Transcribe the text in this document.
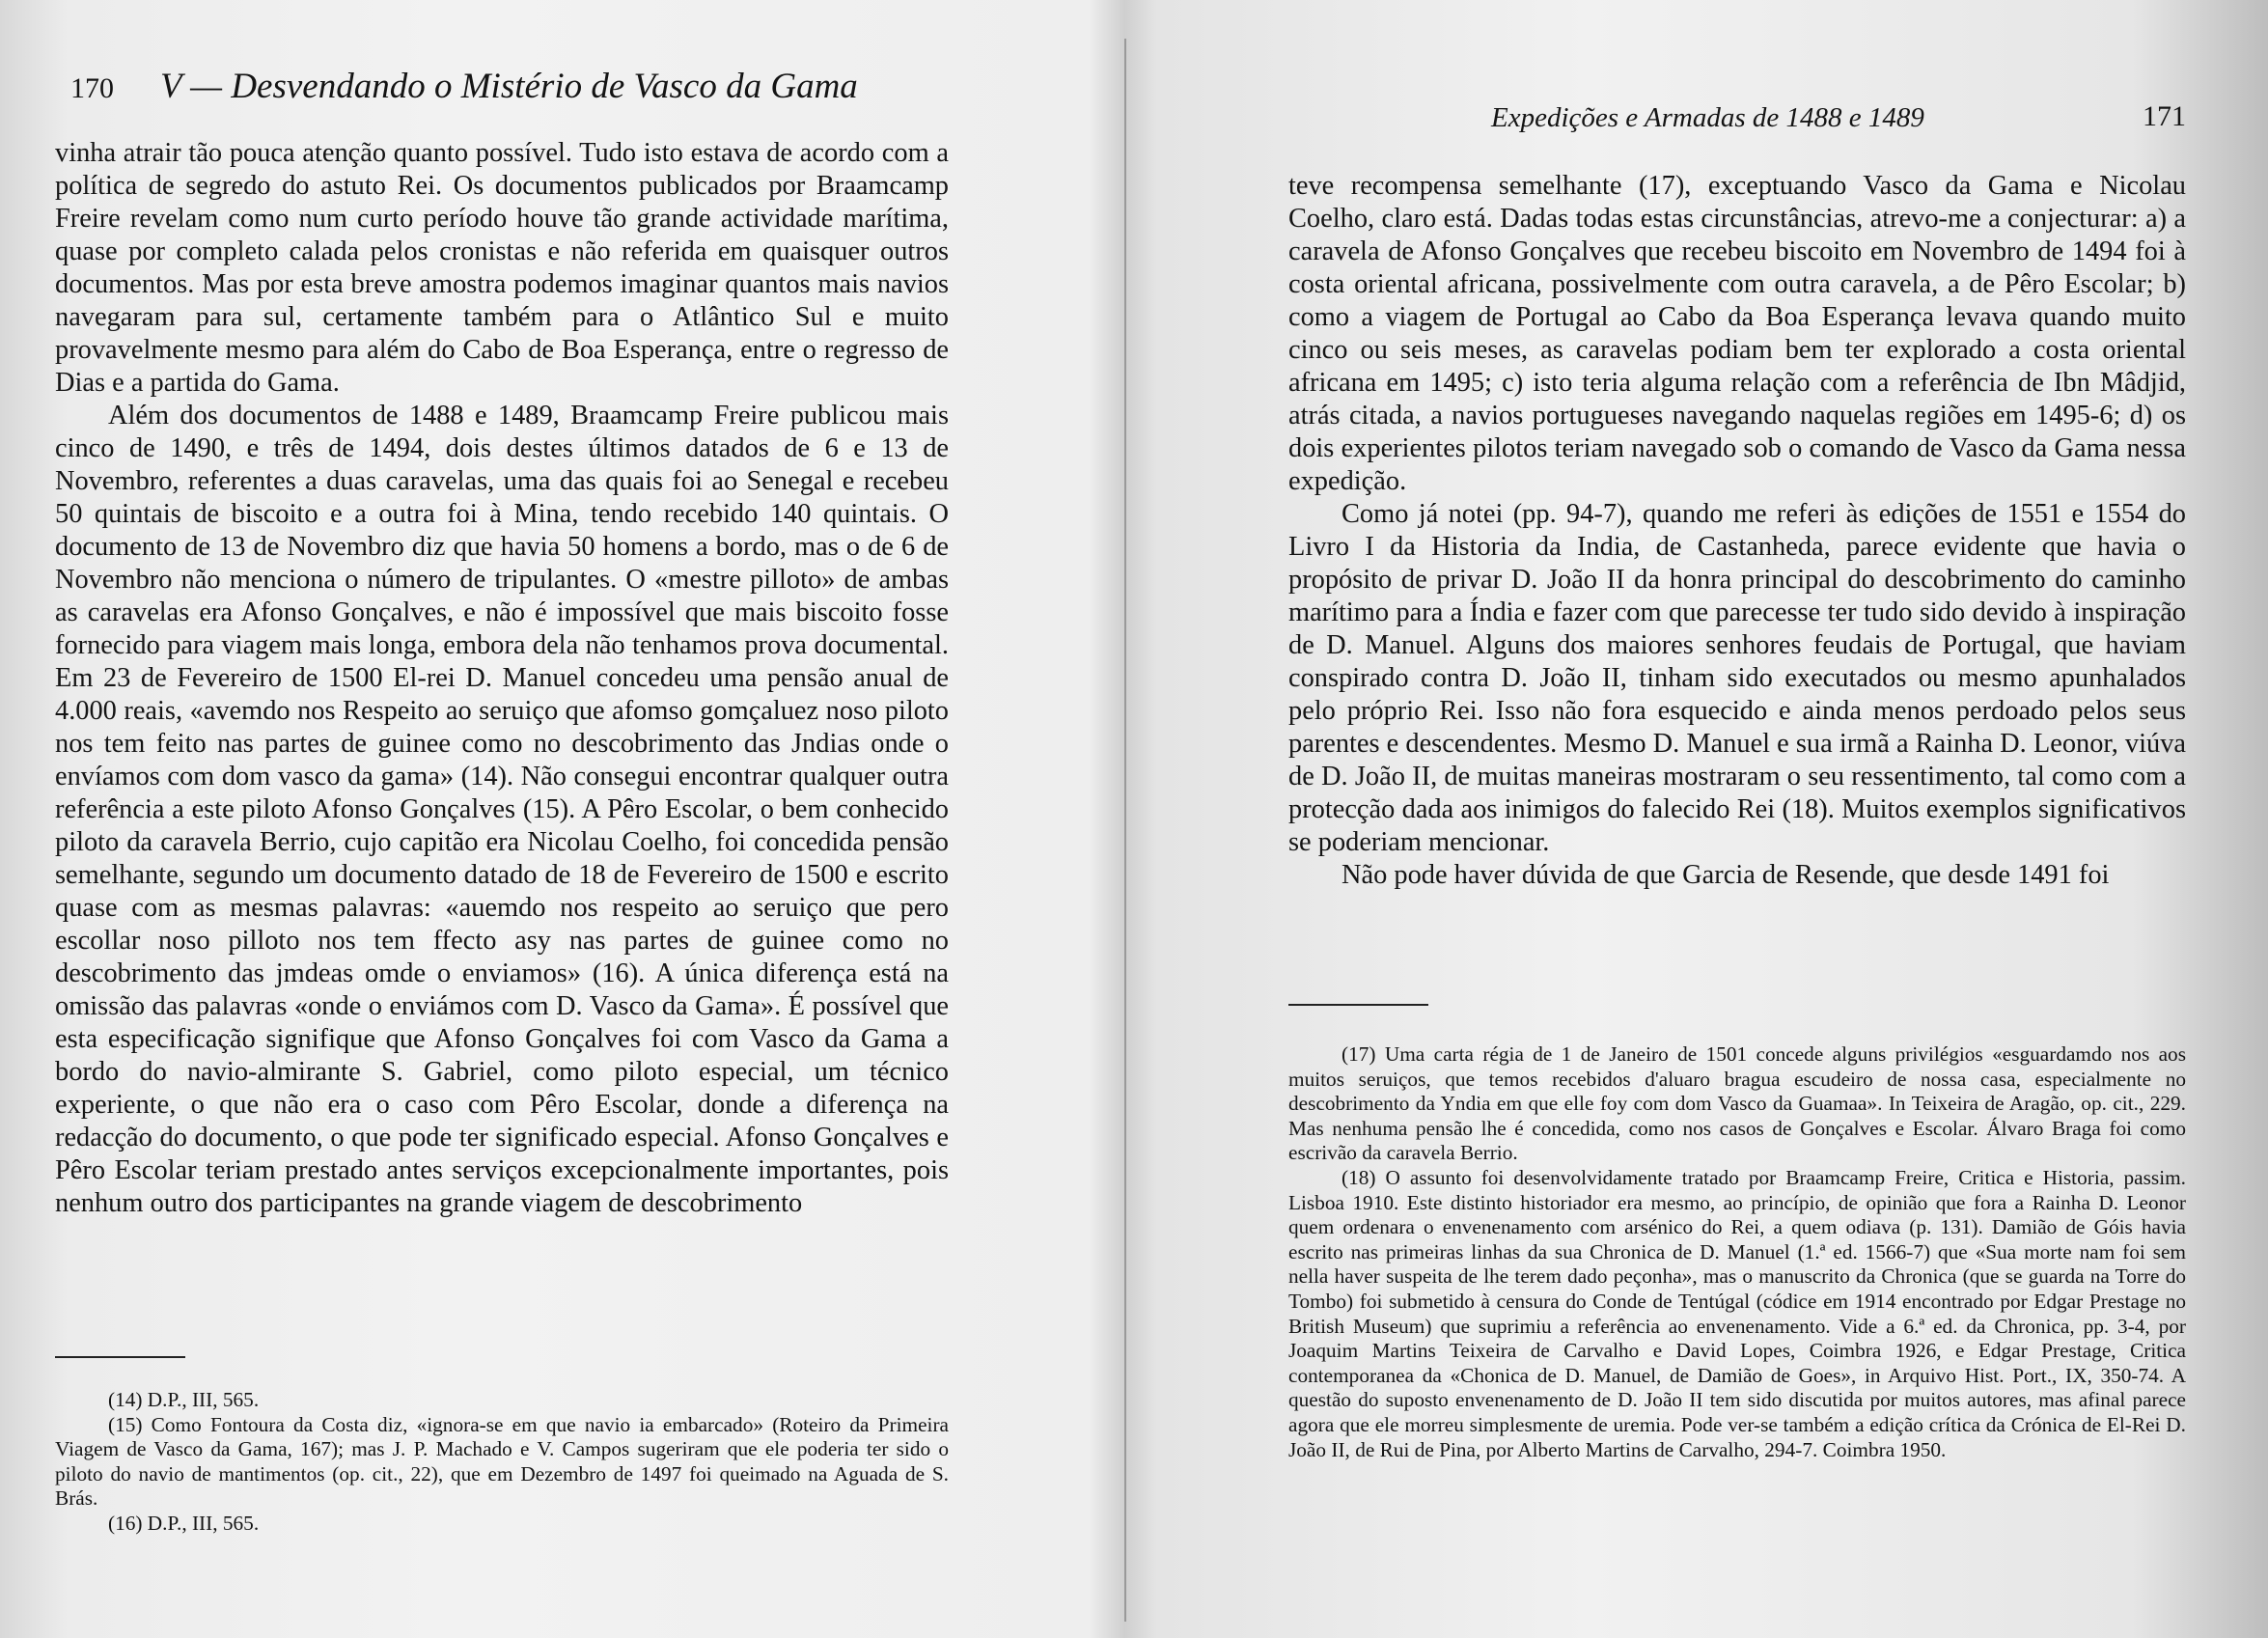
170 V — Desvendando o Mistério de Vasco da Gama

vinha atrair tão pouca atenção quanto possível. Tudo isto estava de acordo com a política de segredo do astuto Rei. Os documentos publicados por Braamcamp Freire revelam como num curto período houve tão grande actividade marítima, quase por completo calada pelos cronistas e não referida em quaisquer outros documentos. Mas por esta breve amostra podemos imaginar quantos mais navios navegaram para sul, certamente também para o Atlântico Sul e muito provavelmente mesmo para além do Cabo de Boa Esperança, entre o regresso de Dias e a partida do Gama.

Além dos documentos de 1488 e 1489, Braamcamp Freire publicou mais cinco de 1490, e três de 1494, dois destes últimos datados de 6 e 13 de Novembro, referentes a duas caravelas, uma das quais foi ao Senegal e recebeu 50 quintais de biscoito e a outra foi à Mina, tendo recebido 140 quintais. O documento de 13 de Novembro diz que havia 50 homens a bordo, mas o de 6 de Novembro não menciona o número de tripulantes. O «mestre pilloto» de ambas as caravelas era Afonso Gonçalves, e não é impossível que mais biscoito fosse fornecido para viagem mais longa, embora dela não tenhamos prova documental. Em 23 de Fevereiro de 1500 El-rei D. Manuel concedeu uma pensão anual de 4.000 reais, «avemdo nos Respeito ao seruiço que afomso gomçaluez noso piloto nos tem feito nas partes de guinee como no descobrimento das Jndias onde o envíamos com dom vasco da gama» (14). Não consegui encontrar qualquer outra referência a este piloto Afonso Gonçalves (15). A Pêro Escolar, o bem conhecido piloto da caravela Berrio, cujo capitão era Nicolau Coelho, foi concedida pensão semelhante, segundo um documento datado de 18 de Fevereiro de 1500 e escrito quase com as mesmas palavras: «auemdo nos respeito ao seruiço que pero escollar noso pilloto nos tem ffecto asy nas partes de guinee como no descobrimento das jmdeas omde o enviamos» (16). A única diferença está na omissão das palavras «onde o enviámos com D. Vasco da Gama». É possível que esta especificação signifique que Afonso Gonçalves foi com Vasco da Gama a bordo do navio-almirante S. Gabriel, como piloto especial, um técnico experiente, o que não era o caso com Pêro Escolar, donde a diferença na redacção do documento, o que pode ter significado especial. Afonso Gonçalves e Pêro Escolar teriam prestado antes serviços excepcionalmente importantes, pois nenhum outro dos participantes na grande viagem de descobrimento

(14) D.P., III, 565.

(15) Como Fontoura da Costa diz, «ignora-se em que navio ia embarcado» (Roteiro da Primeira Viagem de Vasco da Gama, 167); mas J. P. Machado e V. Campos sugeriram que ele poderia ter sido o piloto do navio de mantimentos (op. cit., 22), que em Dezembro de 1497 foi queimado na Aguada de S. Brás.

(16) D.P., III, 565.

Expedições e Armadas de 1488 e 1489	171

teve recompensa semelhante (17), exceptuando Vasco da Gama e Nicolau Coelho, claro está. Dadas todas estas circunstâncias, atrevo-me a conjecturar: a) a caravela de Afonso Gonçalves que recebeu biscoito em Novembro de 1494 foi à costa oriental africana, possivelmente com outra caravela, a de Pêro Escolar; b) como a viagem de Portugal ao Cabo da Boa Esperança levava quando muito cinco ou seis meses, as caravelas podiam bem ter explorado a costa oriental africana em 1495; c) isto teria alguma relação com a referência de Ibn Mâdjid, atrás citada, a navios portugueses navegando naquelas regiões em 1495-6; d) os dois experientes pilotos teriam navegado sob o comando de Vasco da Gama nessa expedição.

Como já notei (pp. 94-7), quando me referi às edições de 1551 e 1554 do Livro I da Historia da India, de Castanheda, parece evidente que havia o propósito de privar D. João II da honra principal do descobrimento do caminho marítimo para a Índia e fazer com que parecesse ter tudo sido devido à inspiração de D. Manuel. Alguns dos maiores senhores feudais de Portugal, que haviam conspirado contra D. João II, tinham sido executados ou mesmo apunhalados pelo próprio Rei. Isso não fora esquecido e ainda menos perdoado pelos seus parentes e descendentes. Mesmo D. Manuel e sua irmã a Rainha D. Leonor, viúva de D. João II, de muitas maneiras mostraram o seu ressentimento, tal como com a protecção dada aos inimigos do falecido Rei (18). Muitos exemplos significativos se poderiam mencionar.

Não pode haver dúvida de que Garcia de Resende, que desde 1491 foi

(17) Uma carta régia de 1 de Janeiro de 1501 concede alguns privilégios «esguardamdo nos aos muitos seruiços, que temos recebidos d'aluaro bragua escudeiro de nossa casa, especialmente no descobrimento da Yndia em que elle foy com dom Vasco da Guamaa». In Teixeira de Aragão, op. cit., 229. Mas nenhuma pensão lhe é concedida, como nos casos de Gonçalves e Escolar. Álvaro Braga foi como escrivão da caravela Berrio.

(18) O assunto foi desenvolvidamente tratado por Braamcamp Freire, Critica e Historia, passim. Lisboa 1910. Este distinto historiador era mesmo, ao princípio, de opinião que fora a Rainha D. Leonor quem ordenara o envenenamento com arsénico do Rei, a quem odiava (p. 131). Damião de Góis havia escrito nas primeiras linhas da sua Chronica de D. Manuel (1.ª ed. 1566-7) que «Sua morte nam foi sem nella haver suspeita de lhe terem dado peçonha», mas o manuscrito da Chronica (que se guarda na Torre do Tombo) foi submetido à censura do Conde de Tentúgal (códice em 1914 encontrado por Edgar Prestage no British Museum) que suprimiu a referência ao envenenamento. Vide a 6.ª ed. da Chronica, pp. 3-4, por Joaquim Martins Teixeira de Carvalho e David Lopes, Coimbra 1926, e Edgar Prestage, Critica contemporanea da «Chonica de D. Manuel, de Damião de Goes», in Arquivo Hist. Port., IX, 350-74. A questão do suposto envenenamento de D. João II tem sido discutida por muitos autores, mas afinal parece agora que ele morreu simplesmente de uremia. Pode ver-se também a edição crítica da Crónica de El-Rei D. João II, de Rui de Pina, por Alberto Martins de Carvalho, 294-7. Coimbra 1950.
